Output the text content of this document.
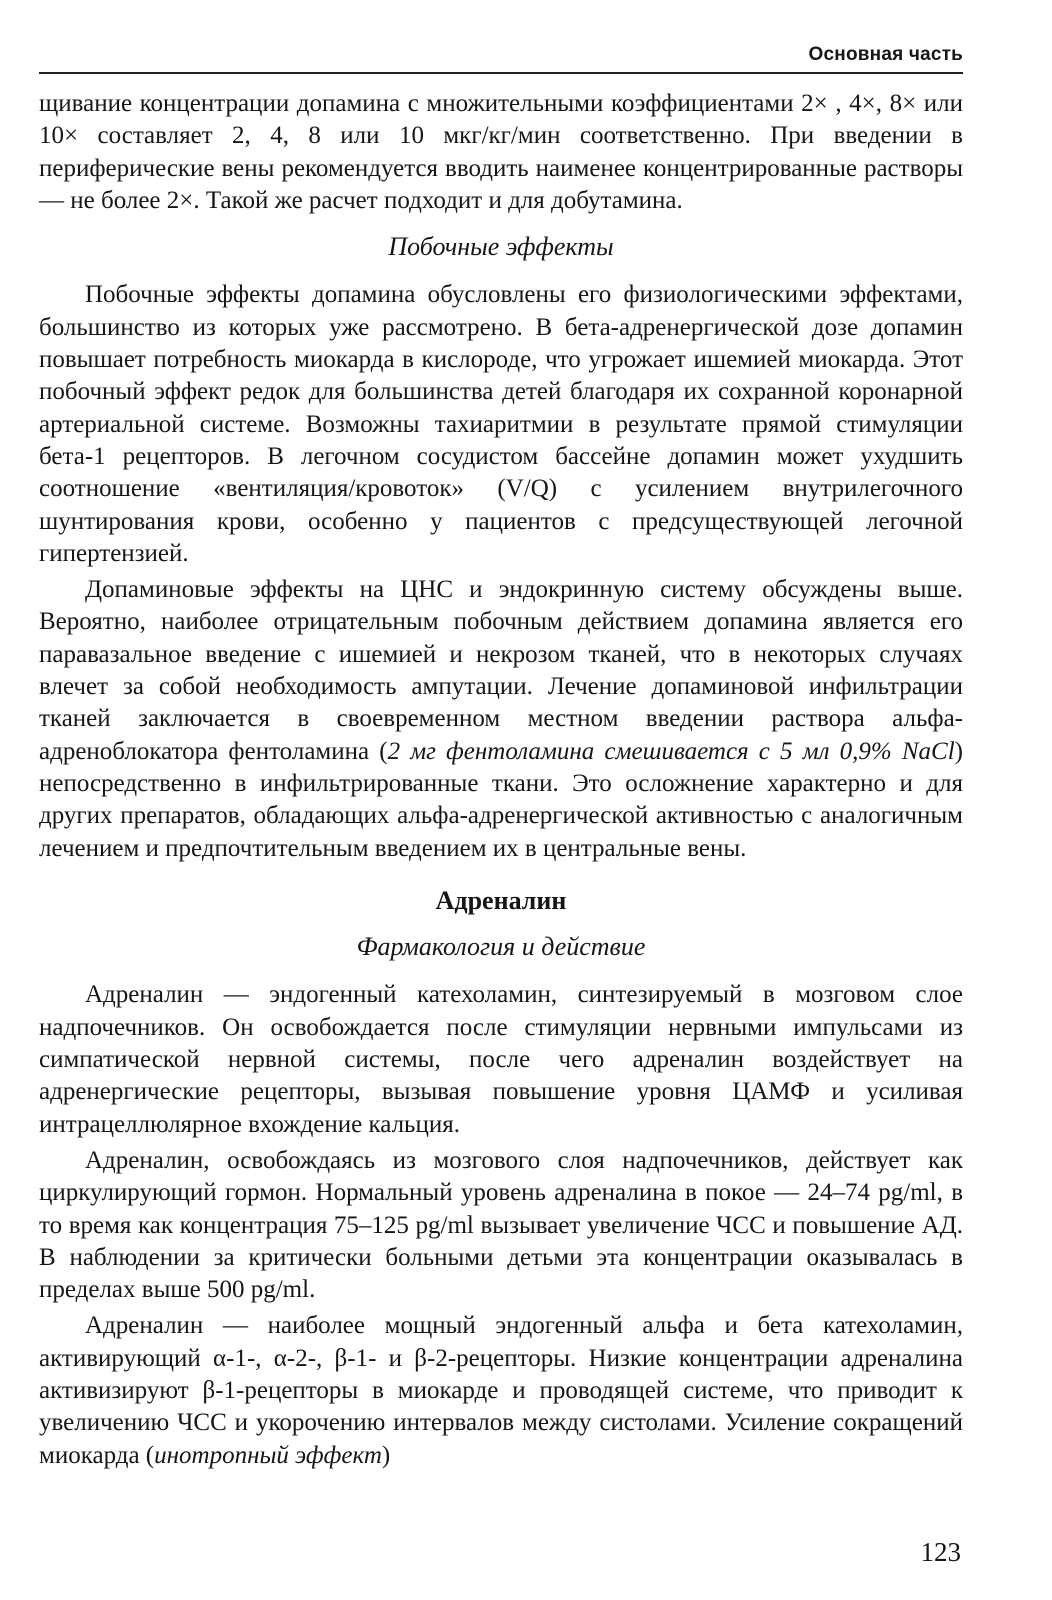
Основная часть

щивание концентрации допамина с множительными коэффициентами 2× , 4×, 8× или 10× составляет 2, 4, 8 или 10 мкг/кг/мин соответственно. При введении в периферические вены рекомендуется вводить наименее концентрированные растворы — не более 2×. Такой же расчет подходит и для добутамина.

Побочные эффекты

Побочные эффекты допамина обусловлены его физиологическими эффектами, большинство из которых уже рассмотрено. В бета-адренергической дозе допамин повышает потребность миокарда в кислороде, что угрожает ишемией миокарда. Этот побочный эффект редок для большинства детей благодаря их сохранной коронарной артериальной системе. Возможны тахиаритмии в результате прямой стимуляции бета-1 рецепторов. В легочном сосудистом бассейне допамин может ухудшить соотношение «вентиляция/кровоток» (V/Q) с усилением внутрилегочного шунтирования крови, особенно у пациентов с предсуществующей легочной гипертензией.

Допаминовые эффекты на ЦНС и эндокринную систему обсуждены выше. Вероятно, наиболее отрицательным побочным действием допамина является его паравазальное введение с ишемией и некрозом тканей, что в некоторых случаях влечет за собой необходимость ампутации. Лечение допаминовой инфильтрации тканей заключается в своевременном местном введении раствора альфа-адреноблокатора фентоламина (2 мг фентоламина смешивается с 5 мл 0,9% NaCl) непосредственно в инфильтрированные ткани. Это осложнение характерно и для других препаратов, обладающих альфа-адренергической активностью с аналогичным лечением и предпочтительным введением их в центральные вены.

Адреналин
Фармакология и действие

Адреналин — эндогенный катехоламин, синтезируемый в мозговом слое надпочечников. Он освобождается после стимуляции нервными импульсами из симпатической нервной системы, после чего адреналин воздействует на адренергические рецепторы, вызывая повышение уровня ЦАМФ и усиливая интрацеллюлярное вхождение кальция.

Адреналин, освобождаясь из мозгового слоя надпочечников, действует как циркулирующий гормон. Нормальный уровень адреналина в покое — 24–74 pg/ml, в то время как концентрация 75–125 pg/ml вызывает увеличение ЧСС и повышение АД. В наблюдении за критически больными детьми эта концентрации оказывалась в пределах выше 500 pg/ml.

Адреналин — наиболее мощный эндогенный альфа и бета катехоламин, активирующий α-1-, α-2-, β-1- и β-2-рецепторы. Низкие концентрации адреналина активизируют β-1-рецепторы в миокарде и проводящей системе, что приводит к увеличению ЧСС и укорочению интервалов между систолами. Усиление сокращений миокарда (инотропный эффект)

123
